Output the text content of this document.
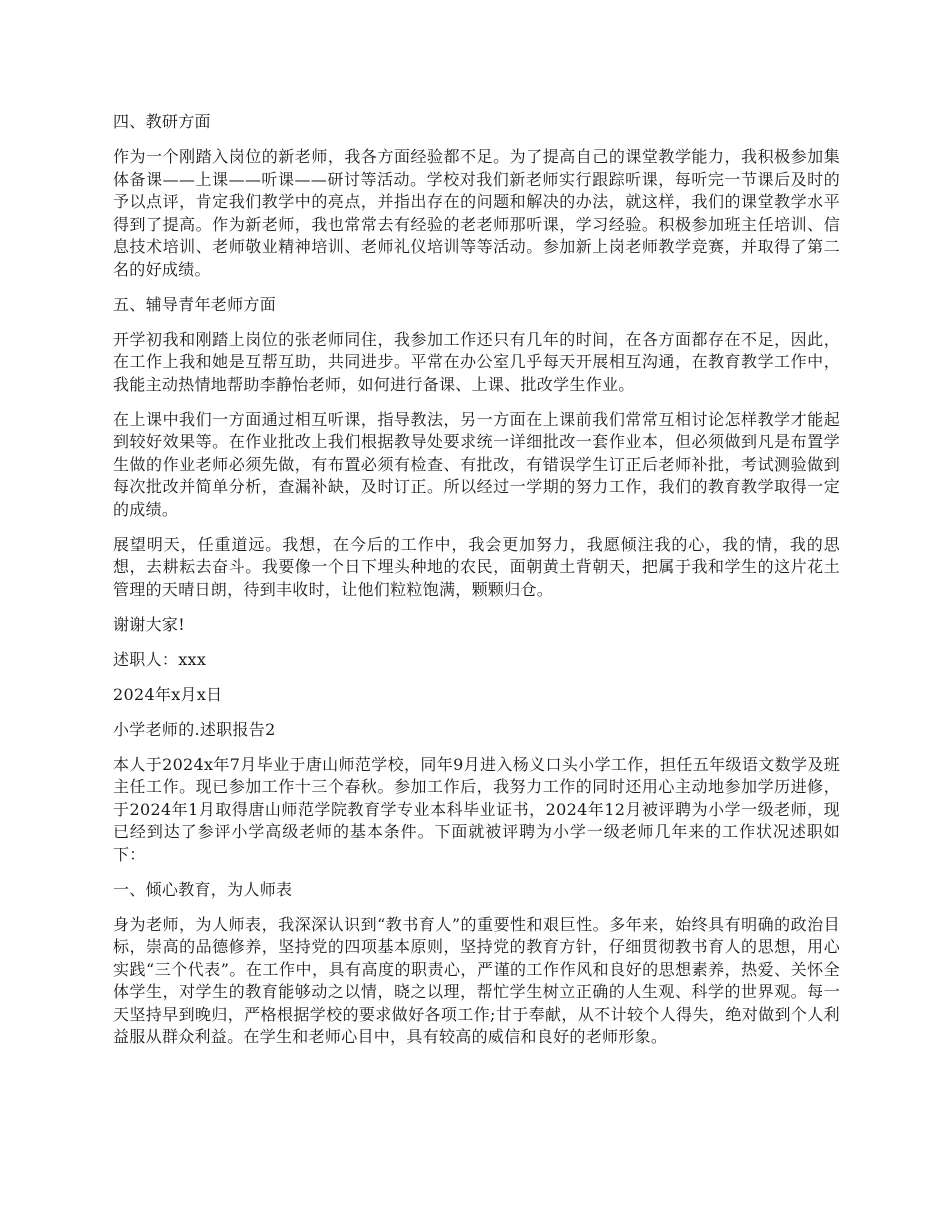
四、教研方面
作为一个刚踏入岗位的新老师，我各方面经验都不足。为了提高自己的课堂教学能力，我积极参加集体备课——上课——听课——研讨等活动。学校对我们新老师实行跟踪听课，每听完一节课后及时的予以点评，肯定我们教学中的亮点，并指出存在的问题和解决的办法，就这样，我们的课堂教学水平得到了提高。作为新老师，我也常常去有经验的老老师那听课，学习经验。积极参加班主任培训、信息技术培训、老师敬业精神培训、老师礼仪培训等等活动。参加新上岗老师教学竞赛，并取得了第二名的好成绩。
五、辅导青年老师方面
开学初我和刚踏上岗位的张老师同住，我参加工作还只有几年的时间，在各方面都存在不足，因此，在工作上我和她是互帮互助，共同进步。平常在办公室几乎每天开展相互沟通，在教育教学工作中，我能主动热情地帮助李静怡老师，如何进行备课、上课、批改学生作业。
在上课中我们一方面通过相互听课，指导教法，另一方面在上课前我们常常互相讨论怎样教学才能起到较好效果等。在作业批改上我们根据教导处要求统一详细批改一套作业本，但必须做到凡是布置学生做的作业老师必须先做，有布置必须有检查、有批改，有错误学生订正后老师补批，考试测验做到每次批改并简单分析，查漏补缺，及时订正。所以经过一学期的努力工作，我们的教育教学取得一定的成绩。
展望明天，任重道远。我想，在今后的工作中，我会更加努力，我愿倾注我的心，我的情，我的思想，去耕耘去奋斗。我要像一个日下埋头种地的农民，面朝黄土背朝天，把属于我和学生的这片花土管理的天晴日朗，待到丰收时，让他们粒粒饱满，颗颗归仓。
谢谢大家!
述职人：xxx
2024年x月x日
小学老师的.述职报告2
本人于2024x年7月毕业于唐山师范学校，同年9月进入杨义口头小学工作，担任五年级语文数学及班主任工作。现已参加工作十三个春秋。参加工作后，我努力工作的同时还用心主动地参加学历进修，于2024年1月取得唐山师范学院教育学专业本科毕业证书，2024年12月被评聘为小学一级老师，现已经到达了参评小学高级老师的基本条件。下面就被评聘为小学一级老师几年来的工作状况述职如下：
一、倾心教育，为人师表
身为老师，为人师表，我深深认识到“教书育人”的重要性和艰巨性。多年来，始终具有明确的政治目标，崇高的品德修养，坚持党的四项基本原则，坚持党的教育方针，仔细贯彻教书育人的思想，用心实践“三个代表”。在工作中，具有高度的职责心，严谨的工作作风和良好的思想素养，热爱、关怀全体学生，对学生的教育能够动之以情，晓之以理，帮忙学生树立正确的人生观、科学的世界观。每一天坚持早到晚归，严格根据学校的要求做好各项工作;甘于奉献，从不计较个人得失，绝对做到个人利益服从群众利益。在学生和老师心目中，具有较高的威信和良好的老师形象。
